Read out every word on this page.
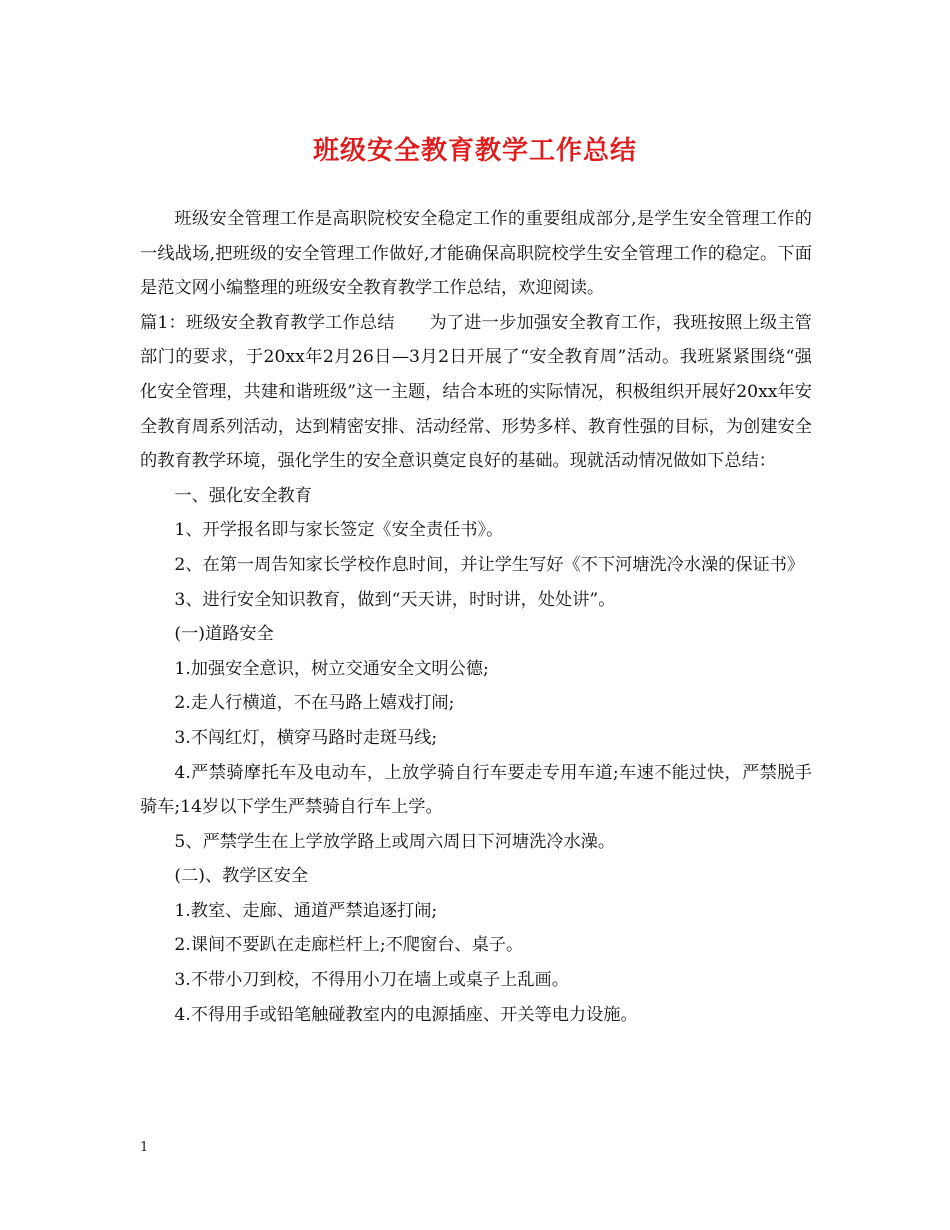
班级安全教育教学工作总结

班级安全管理工作是高职院校安全稳定工作的重要组成部分,是学生安全管理工作的一线战场,把班级的安全管理工作做好,才能确保高职院校学生安全管理工作的稳定。下面是范文网小编整理的班级安全教育教学工作总结，欢迎阅读。

篇1：班级安全教育教学工作总结　　为了进一步加强安全教育工作，我班按照上级主管部门的要求，于20xx年2月26日—3月2日开展了“安全教育周”活动。我班紧紧围绕“强化安全管理，共建和谐班级”这一主题，结合本班的实际情况，积极组织开展好20xx年安全教育周系列活动，达到精密安排、活动经常、形势多样、教育性强的目标，为创建安全的教育教学环境，强化学生的安全意识奠定良好的基础。现就活动情况做如下总结：

一、强化安全教育

1、开学报名即与家长签定《安全责任书》。

2、在第一周告知家长学校作息时间，并让学生写好《不下河塘洗冷水澡的保证书》

3、进行安全知识教育，做到“天天讲，时时讲，处处讲”。

(一)道路安全

1.加强安全意识，树立交通安全文明公德;

2.走人行横道，不在马路上嬉戏打闹;

3.不闯红灯，横穿马路时走斑马线;

4.严禁骑摩托车及电动车，上放学骑自行车要走专用车道;车速不能过快，严禁脱手骑车;14岁以下学生严禁骑自行车上学。

5、严禁学生在上学放学路上或周六周日下河塘洗冷水澡。

(二)、教学区安全

1.教室、走廊、通道严禁追逐打闹;

2.课间不要趴在走廊栏杆上;不爬窗台、桌子。

3.不带小刀到校，不得用小刀在墙上或桌子上乱画。

4.不得用手或铅笔触碰教室内的电源插座、开关等电力设施。

1
